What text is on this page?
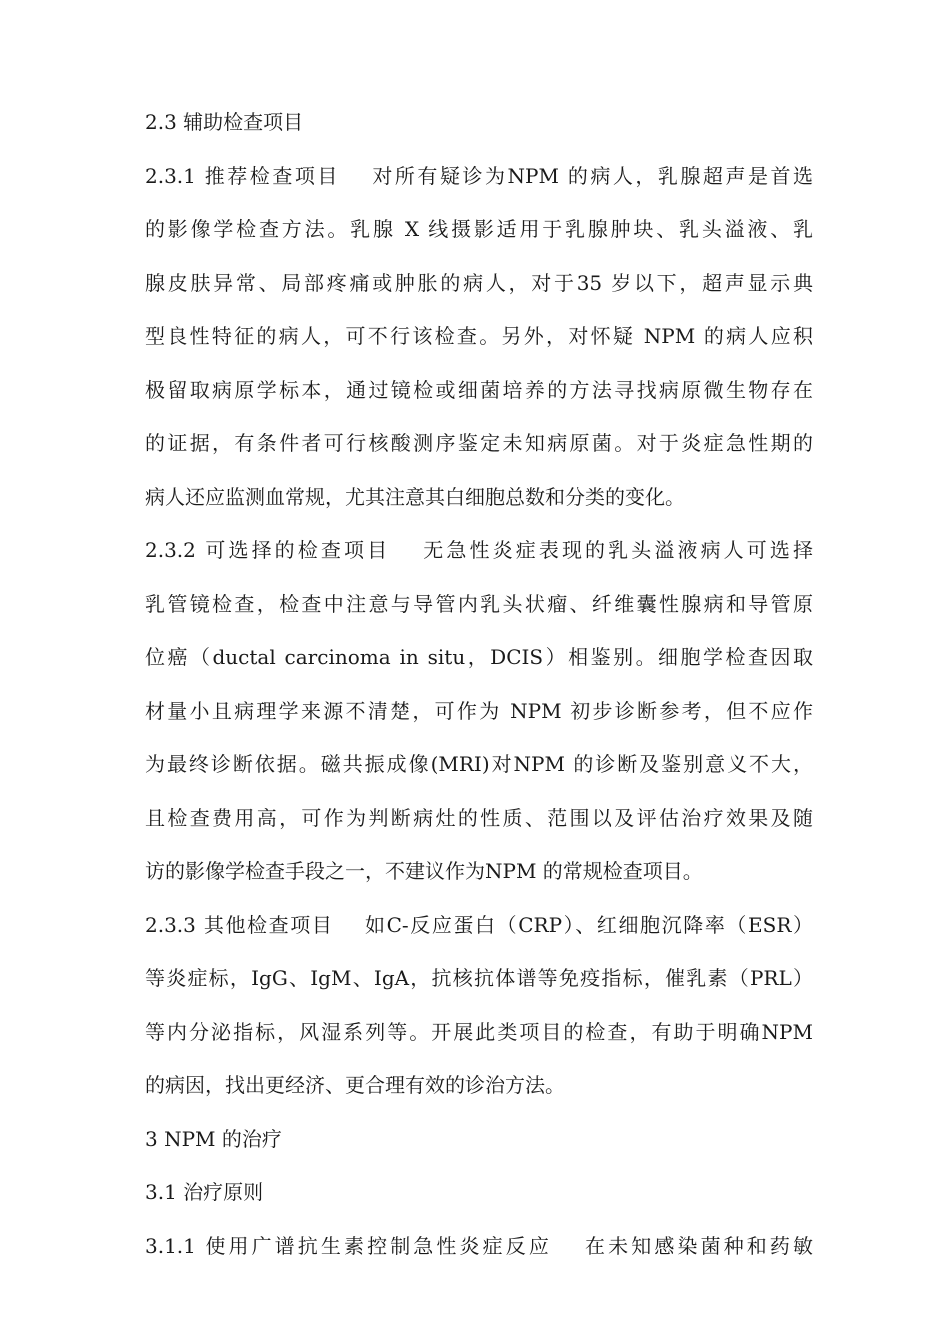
2.3 辅助检查项目
2.3.1 推荐检查项目 对所有疑诊为NPM 的病人，乳腺超声是首选
的影像学检查方法。乳腺 X 线摄影适用于乳腺肿块、乳头溢液、乳
腺皮肤异常、局部疼痛或肿胀的病人，对于35 岁以下，超声显示典
型良性特征的病人，可不行该检查。另外，对怀疑 NPM 的病人应积
极留取病原学标本，通过镜检或细菌培养的方法寻找病原微生物存在
的证据，有条件者可行核酸测序鉴定未知病原菌。对于炎症急性期的
病人还应监测血常规，尤其注意其白细胞总数和分类的变化。
2.3.2 可选择的检查项目 无急性炎症表现的乳头溢液病人可选择
乳管镜检查，检查中注意与导管内乳头状瘤、纤维囊性腺病和导管原
位癌（ductal carcinoma in situ，DCIS）相鉴别。细胞学检查因取
材量小且病理学来源不清楚，可作为 NPM 初步诊断参考，但不应作
为最终诊断依据。磁共振成像(MRI)对NPM 的诊断及鉴别意义不大，
且检查费用高，可作为判断病灶的性质、范围以及评估治疗效果及随
访的影像学检查手段之一，不建议作为NPM 的常规检查项目。
2.3.3 其他检查项目 如C-反应蛋白（CRP）、红细胞沉降率（ESR）
等炎症标，IgG、IgM、IgA，抗核抗体谱等免疫指标，催乳素（PRL）
等内分泌指标，风湿系列等。开展此类项目的检查，有助于明确NPM
的病因，找出更经济、更合理有效的诊治方法。
3 NPM 的治疗
3.1 治疗原则
3.1.1 使用广谱抗生素控制急性炎症反应 在未知感染菌种和药敏
